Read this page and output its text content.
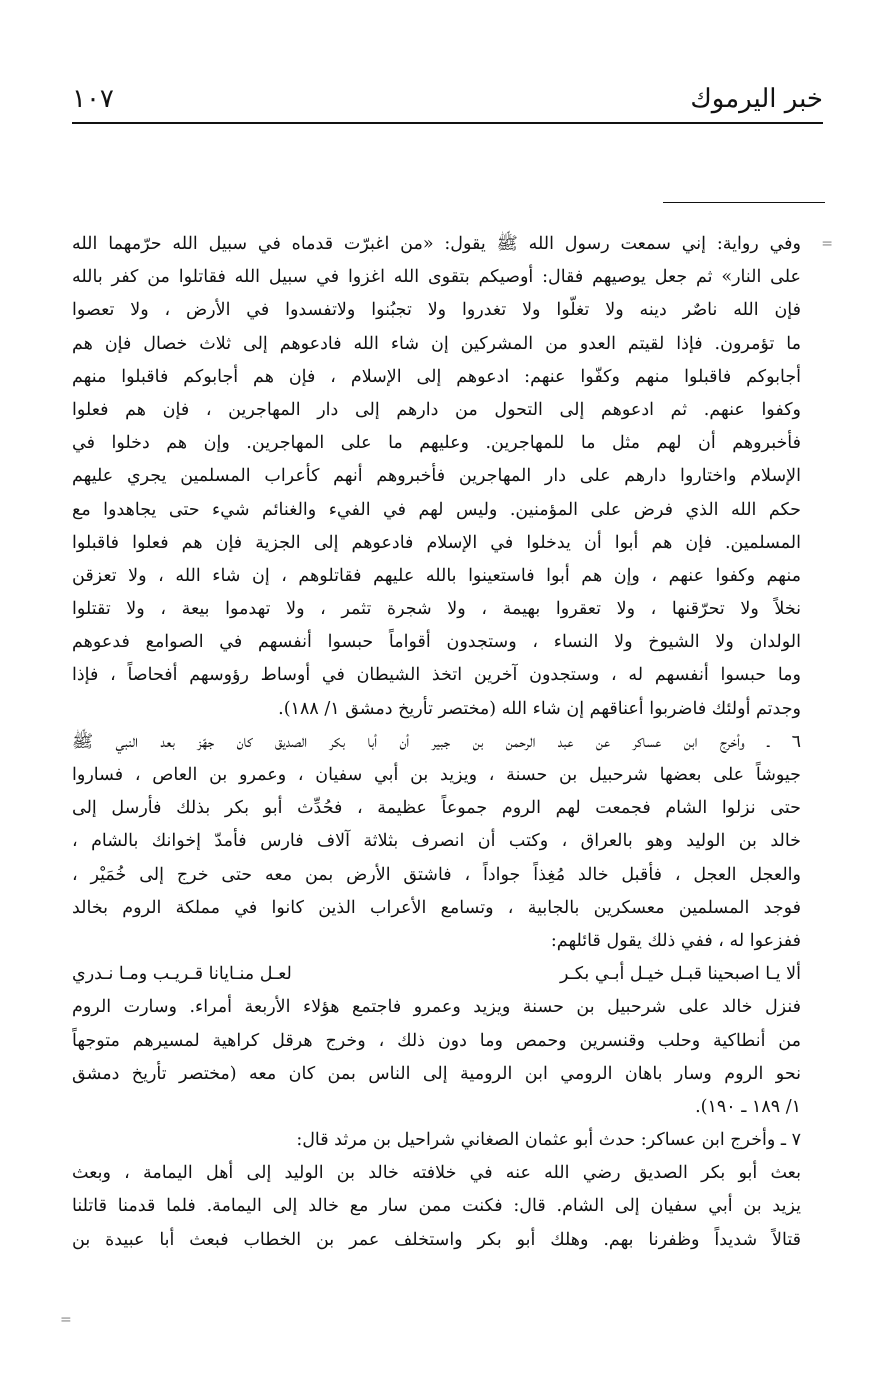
خبر اليرموك
١٠٧
=
وفي رواية: إني سمعت رسول الله ﷺ يقول: «من اغبرّت قدماه في سبيل الله حرّمهما الله
على النار» ثم جعل يوصيهم فقال: أوصيكم بتقوى الله اغزوا في سبيل الله فقاتلوا من كفر بالله
فإن الله ناصٌر دينه ولا تغلّوا ولا تغدروا ولا تجبُنوا ولاتفسدوا في الأرض ، ولا تعصوا
ما تؤمرون. فإذا لقيتم العدو من المشركين إن شاء الله فادعوهم إلى ثلاث خصال فإن هم
أجابوكم فاقبلوا منهم وكفّوا عنهم: ادعوهم إلى الإسلام ، فإن هم أجابوكم فاقبلوا منهم
وكفوا عنهم. ثم ادعوهم إلى التحول من دارهم إلى دار المهاجرين ، فإن هم فعلوا
فأخبروهم أن لهم مثل ما للمهاجرين. وعليهم ما على المهاجرين. وإن هم دخلوا في
الإسلام واختاروا دارهم على دار المهاجرين فأخبروهم أنهم كأعراب المسلمين يجري عليهم
حكم الله الذي فرض على المؤمنين. وليس لهم في الفيء والغنائم شيء حتى يجاهدوا مع
المسلمين. فإن هم أبوا أن يدخلوا في الإسلام فادعوهم إلى الجزية فإن هم فعلوا فاقبلوا
منهم وكفوا عنهم ، وإن هم أبوا فاستعينوا بالله عليهم فقاتلوهم ، إن شاء الله ، ولا تعزقن
نخلاً ولا تحرّقنها ، ولا تعقروا بهيمة ، ولا شجرة تثمر ، ولا تهدموا بيعة ، ولا تقتلوا
الولدان ولا الشيوخ ولا النساء ، وستجدون أقواماً حبسوا أنفسهم في الصوامع فدعوهم
وما حبسوا أنفسهم له ، وستجدون آخرين اتخذ الشيطان في أوساط رؤوسهم أفحاصاً ، فإذا
وجدتم أولئك فاضربوا أعناقهم إن شاء الله (مختصر تأريخ دمشق ١/ ١٨٨).
٦ ـ وأخرج ابن عساكر عن عبد الرحمن بن جبير أن أبا بكر الصديق كان جهّز بعد النبي ﷺ
جيوشاً على بعضها شرحبيل بن حسنة ، ويزيد بن أبي سفيان ، وعمرو بن العاص ، فساروا
حتى نزلوا الشام فجمعت لهم الروم جموعاً عظيمة ، فحُدِّث أبو بكر بذلك فأرسل إلى
خالد بن الوليد وهو بالعراق ، وكتب أن انصرف بثلاثة آلاف فارس فأمدّ إخوانك بالشام ،
والعجل العجل ، فأقبل خالد مُغِذاً جواداً ، فاشتق الأرض بمن معه حتى خرج إلى خُمَيْر ،
فوجد المسلمين معسكرين بالجابية ، وتسامع الأعراب الذين كانوا في مملكة الروم بخالد
ففزعوا له ، ففي ذلك يقول قائلهم:
ألا يـا اصبحينا قبـل خيـل أبـي بكـر
لعـل منـايانا قـريـب ومـا نـدري
فنزل خالد على شرحبيل بن حسنة ويزيد وعمرو فاجتمع هؤلاء الأربعة أمراء. وسارت الروم
من أنطاكية وحلب وقنسرين وحمص وما دون ذلك ، وخرج هرقل كراهية لمسيرهم متوجهاً
نحو الروم وسار باهان الرومي ابن الرومية إلى الناس بمن كان معه (مختصر تأريخ دمشق
١/ ١٨٩ ـ ١٩٠).
٧ ـ وأخرج ابن عساكر: حدث أبو عثمان الصغاني شراحيل بن مرثد قال:
بعث أبو بكر الصديق رضي الله عنه في خلافته خالد بن الوليد إلى أهل اليمامة ، وبعث
يزيد بن أبي سفيان إلى الشام. قال: فكنت ممن سار مع خالد إلى اليمامة. فلما قدمنا قاتلنا
قتالاً شديداً وظفرنا بهم. وهلك أبو بكر واستخلف عمر بن الخطاب فبعث أبا عبيدة بن
=
